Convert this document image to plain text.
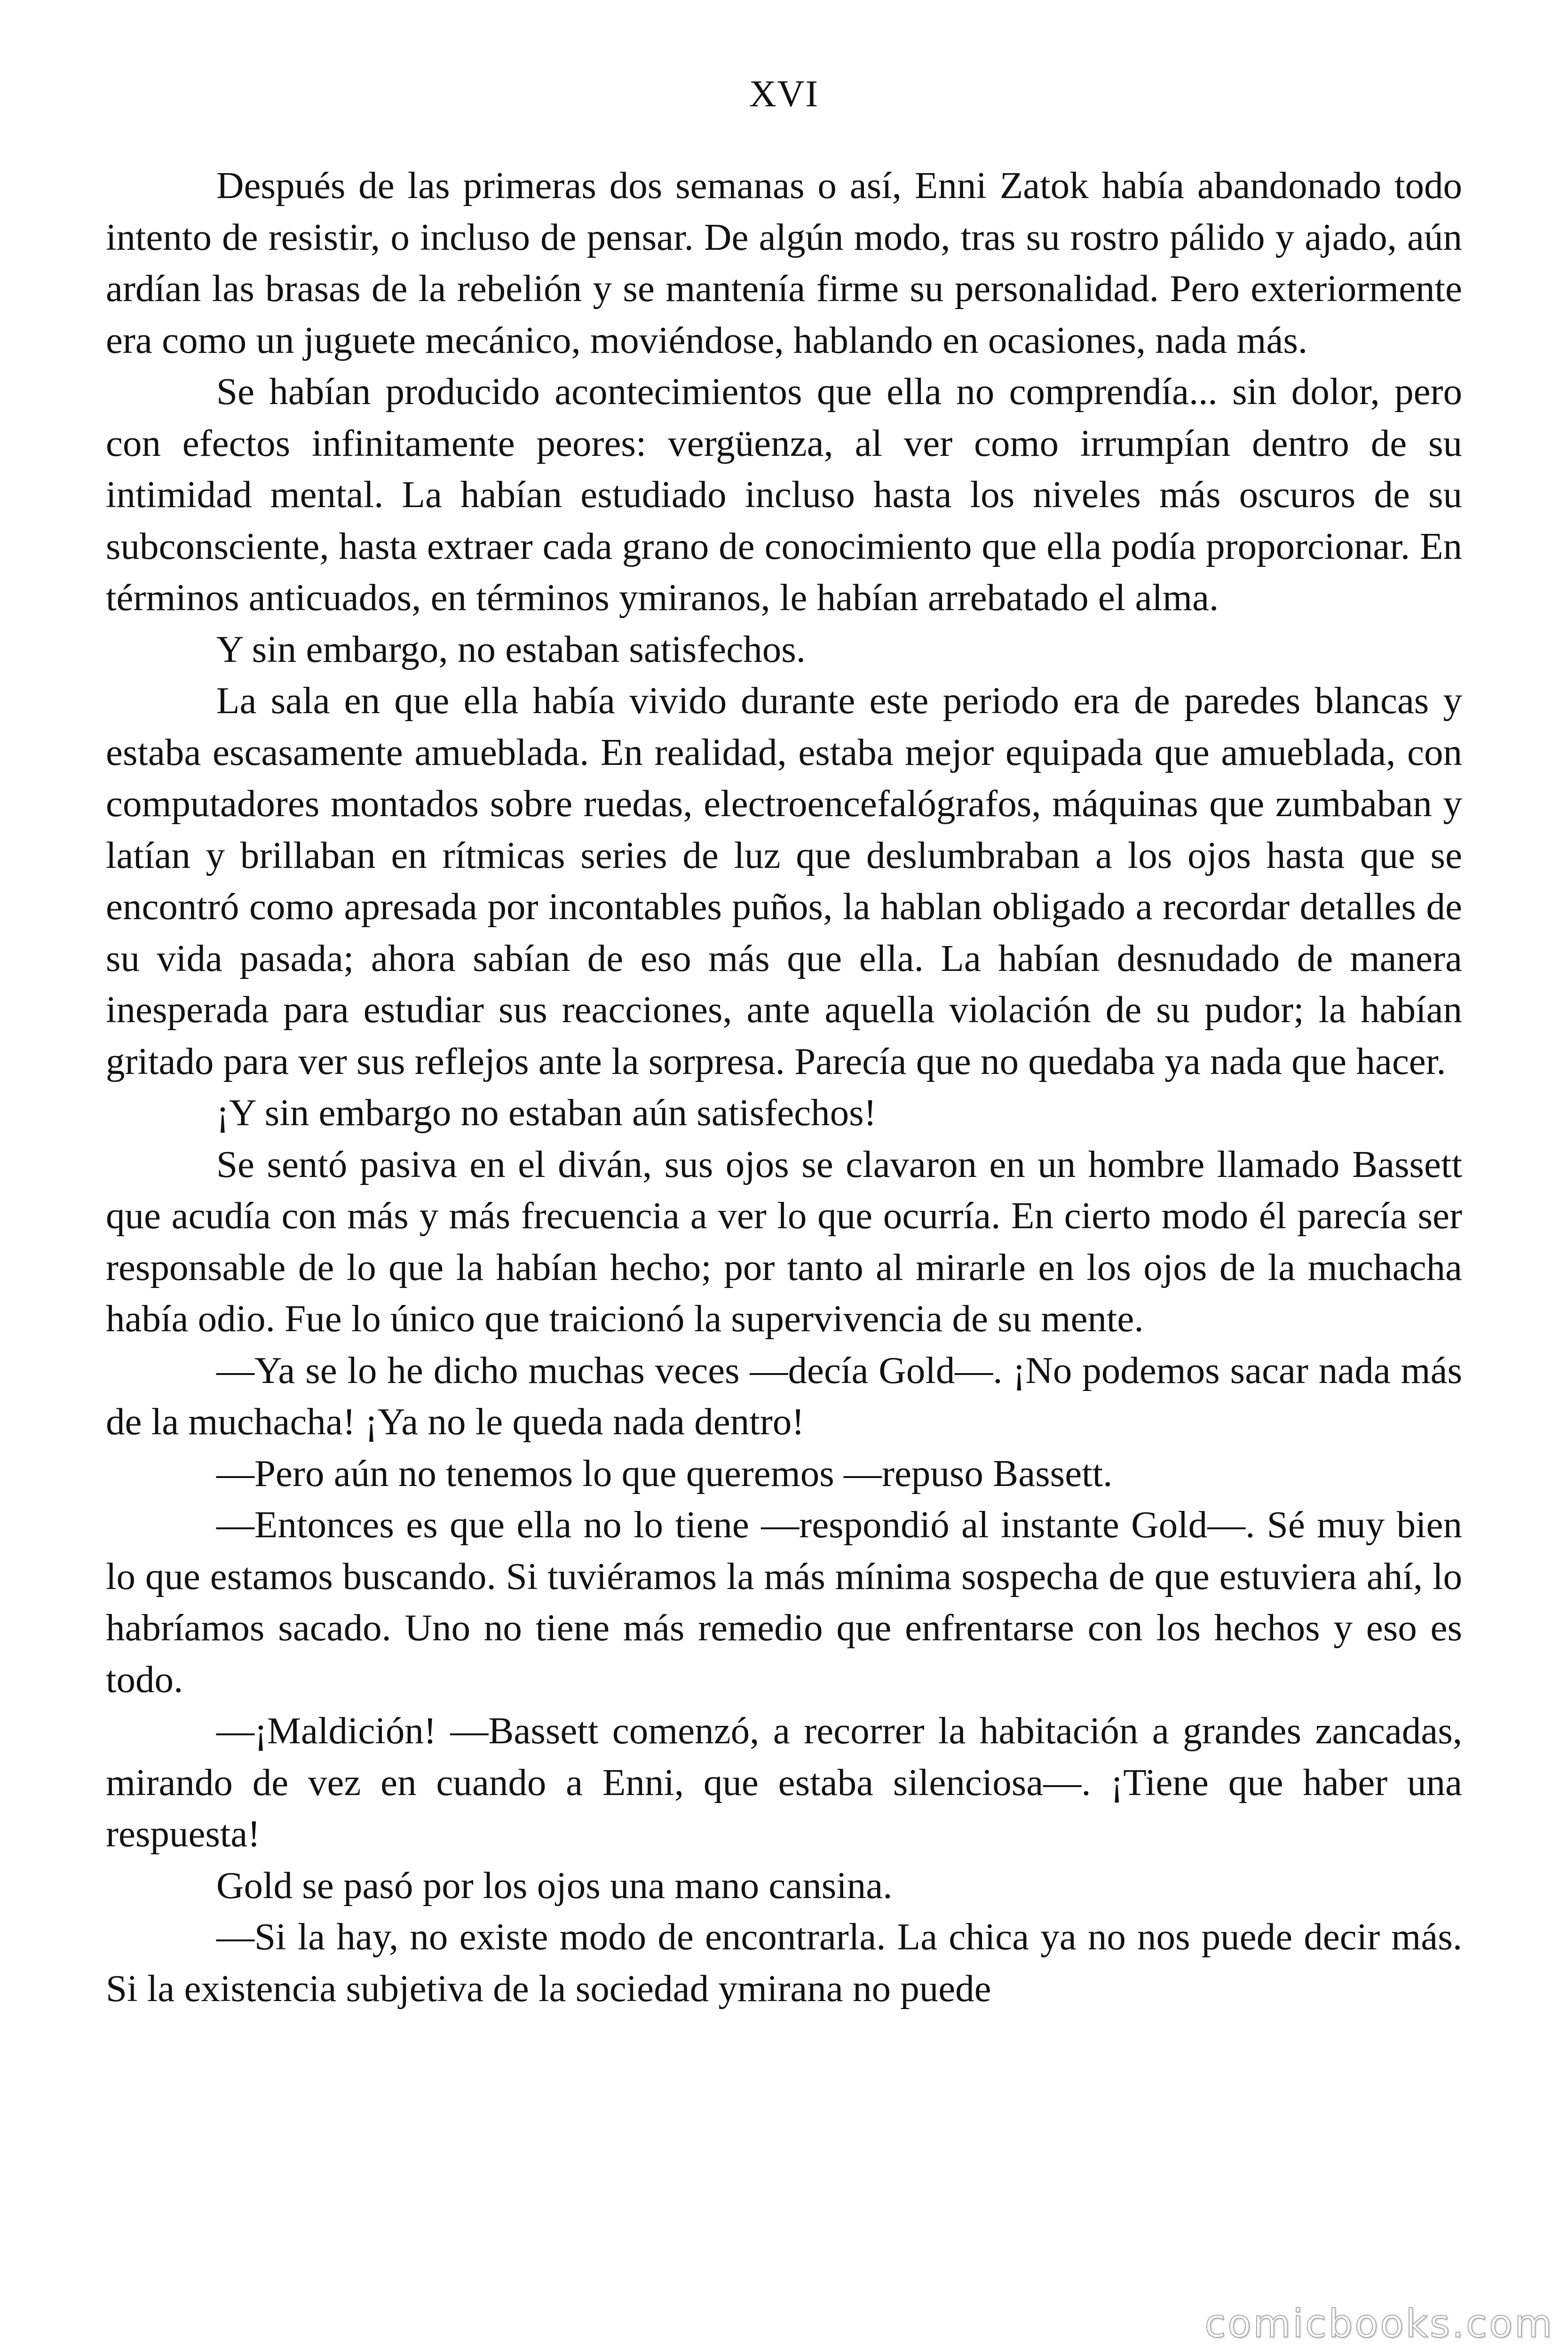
XVI

Después de las primeras dos semanas o así, Enni Zatok había abandonado todo intento de resistir, o incluso de pensar. De algún modo, tras su rostro pálido y ajado, aún ardían las brasas de la rebelión y se mantenía firme su personalidad. Pero exteriormente era como un juguete mecánico, moviéndose, hablando en ocasiones, nada más.

Se habían producido acontecimientos que ella no comprendía... sin dolor, pero con efectos infinitamente peores: vergüenza, al ver como irrumpían dentro de su intimidad mental. La habían estudiado incluso hasta los niveles más oscuros de su subconsciente, hasta extraer cada grano de conocimiento que ella podía proporcionar. En términos anticuados, en términos ymiranos, le habían arrebatado el alma.

Y sin embargo, no estaban satisfechos.

La sala en que ella había vivido durante este periodo era de paredes blancas y estaba escasamente amueblada. En realidad, estaba mejor equipada que amueblada, con computadores montados sobre ruedas, electroencefalógrafos, máquinas que zumbaban y latían y brillaban en rítmicas series de luz que deslumbraban a los ojos hasta que se encontró como apresada por incontables puños, la hablan obligado a recordar detalles de su vida pasada; ahora sabían de eso más que ella. La habían desnudado de manera inesperada para estudiar sus reacciones, ante aquella violación de su pudor; la habían gritado para ver sus reflejos ante la sorpresa. Parecía que no quedaba ya nada que hacer.

¡Y sin embargo no estaban aún satisfechos!

Se sentó pasiva en el diván, sus ojos se clavaron en un hombre llamado Bassett que acudía con más y más frecuencia a ver lo que ocurría. En cierto modo él parecía ser responsable de lo que la habían hecho; por tanto al mirarle en los ojos de la muchacha había odio. Fue lo único que traicionó la supervivencia de su mente.

—Ya se lo he dicho muchas veces —decía Gold—. ¡No podemos sacar nada más de la muchacha! ¡Ya no le queda nada dentro!

—Pero aún no tenemos lo que queremos —repuso Bassett.

—Entonces es que ella no lo tiene —respondió al instante Gold—. Sé muy bien lo que estamos buscando. Si tuviéramos la más mínima sospecha de que estuviera ahí, lo habríamos sacado. Uno no tiene más remedio que enfrentarse con los hechos y eso es todo.

—¡Maldición! —Bassett comenzó, a recorrer la habitación a grandes zancadas, mirando de vez en cuando a Enni, que estaba silenciosa—. ¡Tiene que haber una respuesta!

Gold se pasó por los ojos una mano cansina.

—Si la hay, no existe modo de encontrarla. La chica ya no nos puede decir más. Si la existencia subjetiva de la sociedad ymirana no puede

comicbooks.com
